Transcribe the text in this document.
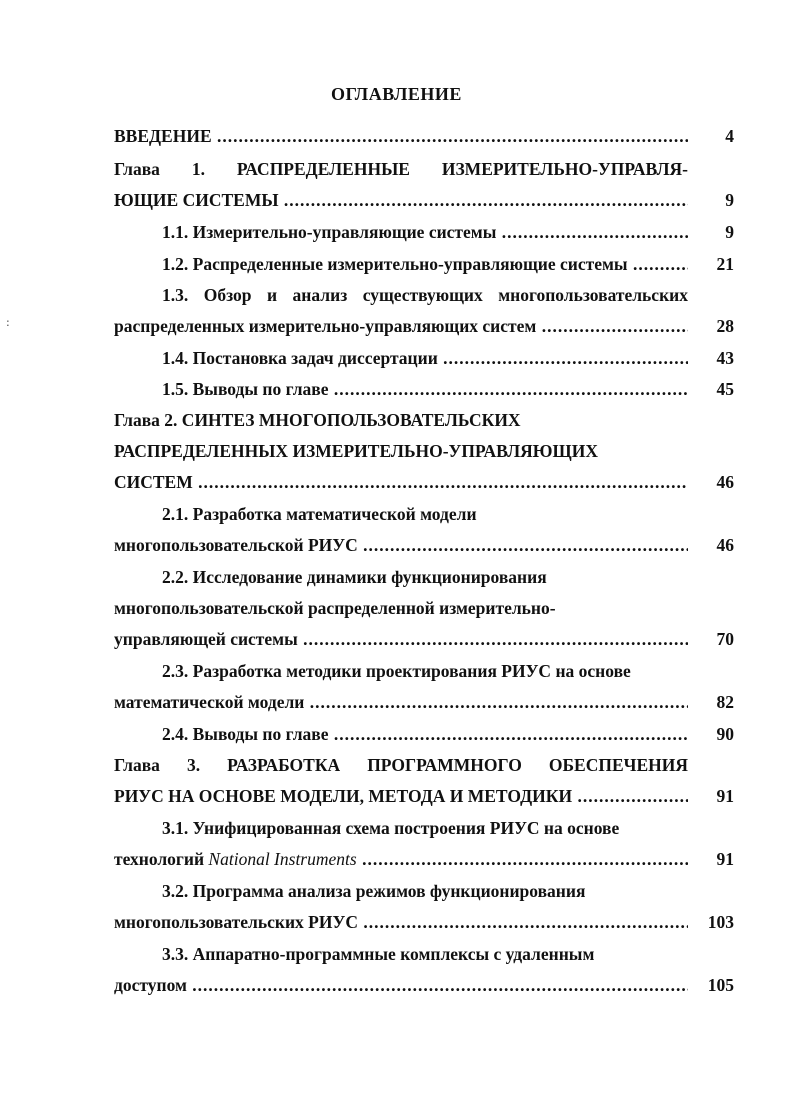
:
ОГЛАВЛЕНИЕ
ВВЕДЕНИЕ .....	4
Глава 1. РАСПРЕДЕЛЕННЫЕ ИЗМЕРИТЕЛЬНО-УПРАВЛЯ-
ЮЩИЕ СИСТЕМЫ .....	9
1.1. Измерительно-управляющие системы .....	9
1.2. Распределенные измерительно-управляющие системы .....	21
1.3. Обзор и анализ существующих многопользовательских
распределенных измерительно-управляющих систем .....	28
1.4. Постановка задач диссертации .....	43
1.5. Выводы по главе .....	45
Глава 2. СИНТЕЗ МНОГОПОЛЬЗОВАТЕЛЬСКИХ
РАСПРЕДЕЛЕННЫХ ИЗМЕРИТЕЛЬНО-УПРАВЛЯЮЩИХ
СИСТЕМ .....	46
2.1. Разработка математической модели
многопользовательской РИУС .....	46
2.2. Исследование динамики функционирования
многопользовательской распределенной измерительно-
управляющей системы .....	70
2.3. Разработка методики проектирования РИУС на основе
математической модели .....	82
2.4. Выводы по главе .....	90
Глава 3. РАЗРАБОТКА ПРОГРАММНОГО ОБЕСПЕЧЕНИЯ
РИУС НА ОСНОВЕ МОДЕЛИ, МЕТОДА И МЕТОДИКИ .....	91
3.1. Унифицированная схема построения РИУС на основе
технологий National Instruments .....	91
3.2. Программа анализа режимов функционирования
многопользовательских РИУС .....	103
3.3. Аппаратно-программные комплексы с удаленным
доступом .....	105
